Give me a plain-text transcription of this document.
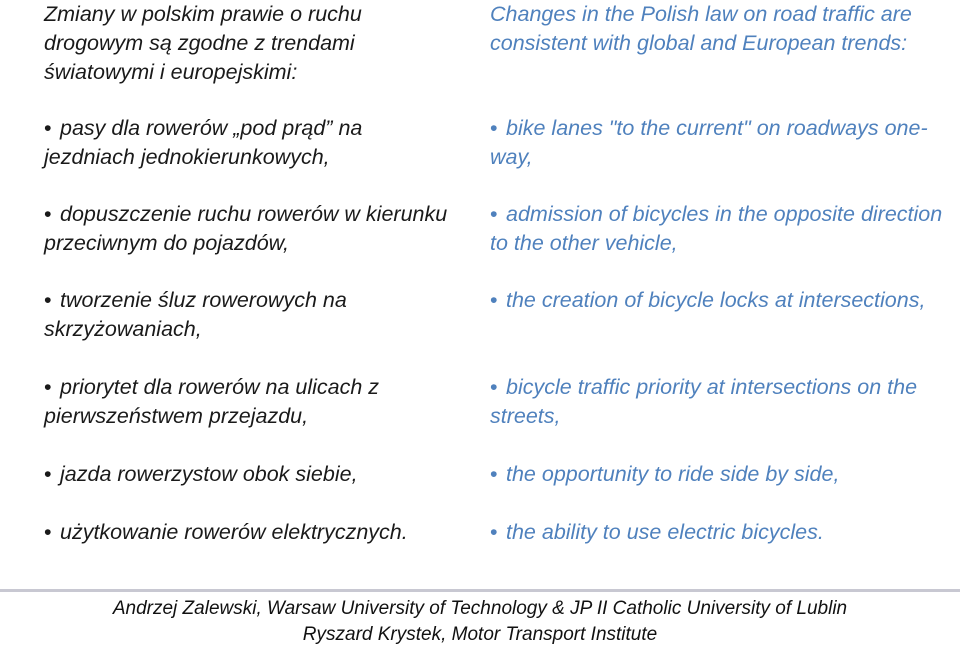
Zmiany w polskim prawie o ruchu drogowym są zgodne z trendami światowymi i europejskimi:
• pasy dla rowerów „pod prąd” na jezdniach jednokierunkowych,
• dopuszczenie ruchu rowerów w kierunku przeciwnym do pojazdów,
• tworzenie śluz rowerowych na skrzyżowaniach,
• priorytet dla rowerów na ulicach z pierwszeństwem przejazdu,
• jazda rowerzystow obok siebie,
• użytkowanie rowerów elektrycznych.
Changes in the Polish law on road traffic are consistent with global and European trends:
• bike lanes "to the current" on roadways one-way,
• admission of bicycles in the opposite direction to the other vehicle,
• the creation of bicycle locks at intersections,
• bicycle traffic priority at intersections on the streets,
• the opportunity to ride side by side,
• the ability to use electric bicycles.
Andrzej Zalewski, Warsaw University of Technology & JP II Catholic University of Lublin
Ryszard Krystek, Motor Transport Institute
